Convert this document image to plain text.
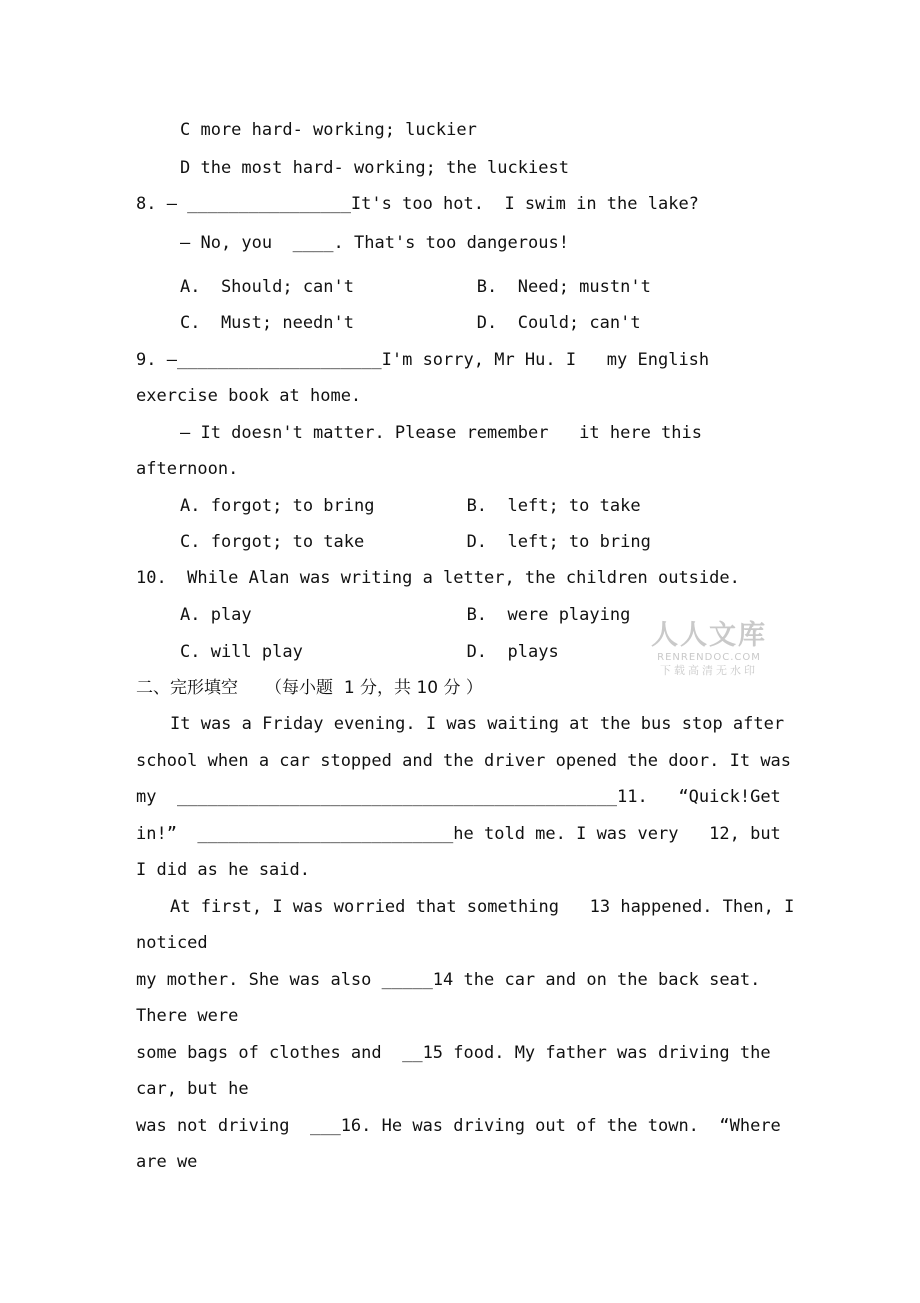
C more hard- working; luckier

D the most hard- working; the luckiest

8. — ________________It's too hot.  I swim in the lake?

— No, you  ____. That's too dangerous!

A.  Should; can't            B.  Need; mustn't

C.  Must; needn't            D.  Could; can't

9. —____________________I'm sorry, Mr Hu. I   my English

exercise book at home.

— It doesn't matter. Please remember   it here this

afternoon.

A. forgot; to bring         B.  left; to take

C. forgot; to take          D.  left; to bring

10.  While Alan was writing a letter, the children outside.

A. play                     B.  were playing

C. will play                D.  plays

二、完形填空     （每小题  1 分，共 10 分 ）

It was a Friday evening. I was waiting at the bus stop after

school when a car stopped and the driver opened the door. It was

my  ___________________________________________11.   “Quick!Get

in!”  _________________________he told me. I was very   12, but

I did as he said.

At first, I was worried that something   13 happened. Then, I

noticed

my mother. She was also _____14 the car and on the back seat.

There were

some bags of clothes and  __15 food. My father was driving the

car, but he

was not driving  ___16. He was driving out of the town.  “Where

are we

人人文库
RENRENDOC.COM
下载高清无水印
